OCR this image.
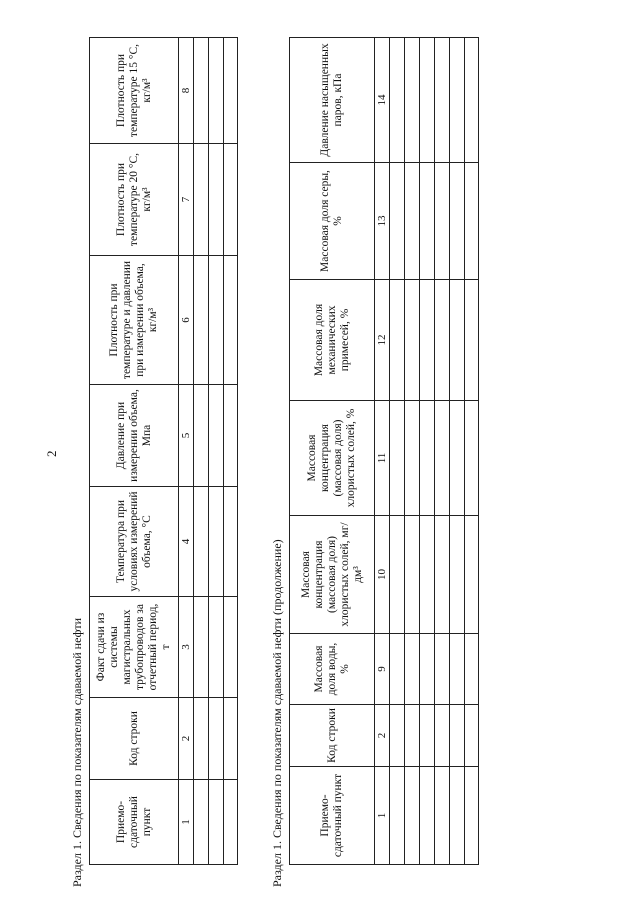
2
Раздел 1. Сведения по показателям сдаваемой нефти	Приемо-сдаточный пункт	Код строки	Факт сдачи из системы магистральных трубопроводов за отчетный период, т	Температура при условиях измерений объема, °С	Давление при измерении объема, Мпа	Плотность при температуре и давлении при измерении объема, кг/м³	Плотность при температуре 20 °С, кг/м³	Плотность при температуре 15 °С, кг/м³
1	2	3	4	5	6	7	8

Раздел 1. Сведения по показателям сдаваемой нефти (продолжение)	Приемо-сдаточный пункт	Код строки	Массовая доля воды, %	Массовая концентрация (массовая доля) хлористых солей, мг/дм³	Массовая концентрация (массовая доля) хлористых солей, %	Массовая доля механических примесей, %	Массовая доля серы, %	Давление насыщенных паров, кПа
1	2	9	10	11	12	13	14
